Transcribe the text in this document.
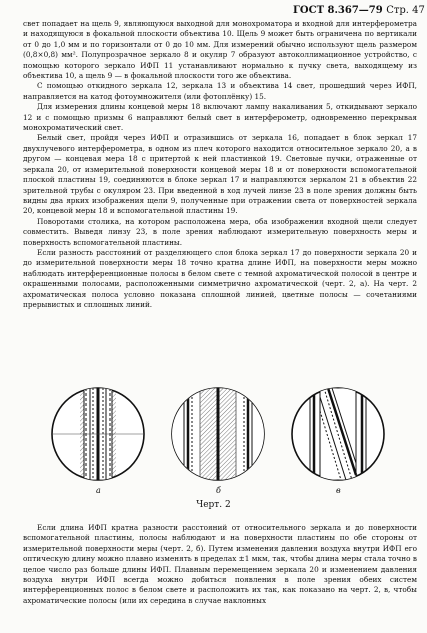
ГОСТ 8.367—79 Стр. 47

свет попадает на щель 9, являющуюся выходной для монохроматора и входной для интерферометра и находящуюся в фокальной плоскости объектива 10. Щель 9 может быть ограничена по вертикали от 0 до 1,0 мм и по горизонтали от 0 до 10 мм. Для измерений обычно используют щель размером (0,8×0,8) мм². Полупрозрачное зеркало 8 и окуляр 7 образуют автоколлимационное устройство, с помощью которого зеркало ИФП 11 устанавливают нормально к пучку света, выходящему из объектива 10, а щель 9 — в фокальной плоскости того же объектива.

С помощью откидного зеркала 12, зеркала 13 и объектива 14 свет, прошедший через ИФП, направляется на катод фотоумножителя (или фотоплёнку) 15.

Для измерения длины концевой меры 18 включают лампу накаливания 5, откидывают зеркало 12 и с помощью призмы 6 направляют белый свет в интерферометр, одновременно перекрывая монохроматический свет.

Белый свет, пройдя через ИФП и отразившись от зеркала 16, попадает в блок зеркал 17 двухлучевого интерферометра, в одном из плеч которого находится относительное зеркало 20, а в другом — концевая мера 18 с притертой к ней пластинкой 19. Световые пучки, отраженные от зеркала 20, от измерительной поверхности концевой меры 18 и от поверхности вспомогательной плоской пластины 19, соединяются в блоке зеркал 17 и направляются зеркалом 21 в объектив 22 зрительной трубы с окуляром 23. При введенной в ход лучей линзе 23 в поле зрения должны быть видны два ярких изображения щели 9, полученные при отражении света от поверхностей зеркала 20, концевой меры 18 и вспомогательной пластины 19.

Поворотами столика, на котором расположена мера, оба изображения входной щели следует совместить. Выведя линзу 23, в поле зрения наблюдают измерительную поверхность меры и поверхность вспомогательной пластины.

Если разность расстояний от разделяющего слоя блока зеркал 17 до поверхности зеркала 20 и до измерительной поверхности меры 18 точно кратна длине ИФП, на поверхности меры можно наблюдать интерференционные полосы в белом свете с темной ахроматической полосой в центре и окрашенными полосами, расположенными симметрично ахроматической (черт. 2, а). На черт. 2 ахроматическая полоса условно показана сплошной линией, цветные полосы — сочетаниями прерывистых и сплошных линий.

а	б	в
Черт. 2

Если длина ИФП кратна разности расстояний от относительного зеркала и до поверхности вспомогательной пластины, полосы наблюдают и на поверхности пластины по обе стороны от измерительной поверхности меры (черт. 2, б). Путем изменения давления воздуха внутри ИФП его оптическую длину можно плавно изменять в пределах ±1 мкм, так, чтобы длина меры стала точно в целое число раз больше длины ИФП. Плавным перемещением зеркала 20 и изменением давления воздуха внутри ИФП всегда можно добиться появления в поле зрения обеих систем интерференционных полос в белом свете и расположить их так, как показано на черт. 2, в, чтобы ахроматические полосы (или их середина в случае наклонных
